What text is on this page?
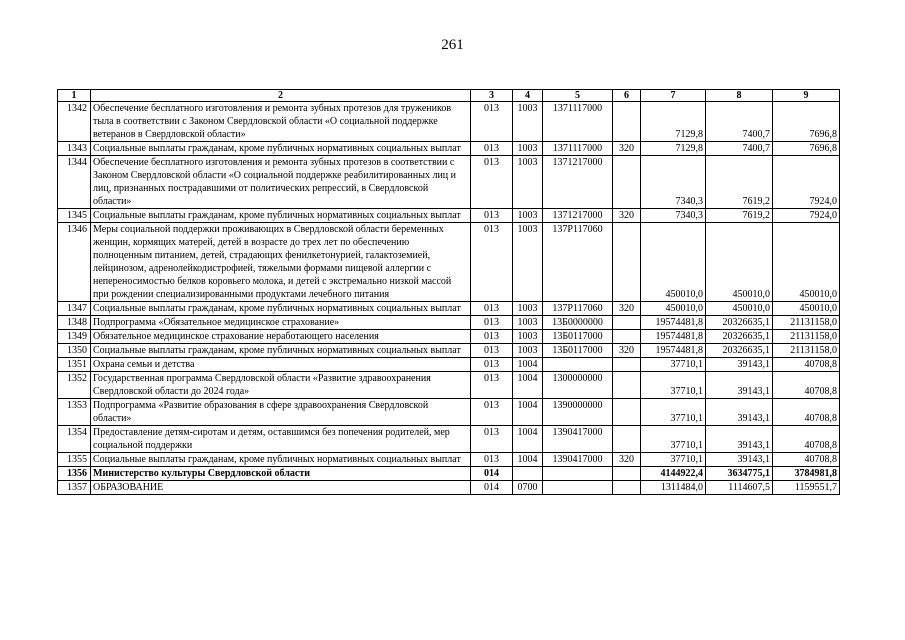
261
1	2	3	4	5	6	7	8	9
1342	Обеспечение бесплатного изготовления и ремонта зубных протезов для тружеников тыла в соответствии с Законом Свердловской области «О социальной поддержке ветеранов в Свердловской области»	013	1003	1371117000		7129,8	7400,7	7696,8
1343	Социальные выплаты гражданам, кроме публичных нормативных социальных выплат	013	1003	1371117000	320	7129,8	7400,7	7696,8
1344	Обеспечение бесплатного изготовления и ремонта зубных протезов в соответствии с Законом Свердловской области «О социальной поддержке реабилитированных лиц и лиц, признанных пострадавшими от политических репрессий, в Свердловской области»	013	1003	1371217000		7340,3	7619,2	7924,0
1345	Социальные выплаты гражданам, кроме публичных нормативных социальных выплат	013	1003	1371217000	320	7340,3	7619,2	7924,0
1346	Меры социальной поддержки проживающих в Свердловской области беременных женщин, кормящих матерей, детей в возрасте до трех лет по обеспечению полноценным питанием, детей, страдающих фенилкетонурией, галактоземией, лейцинозом, адренолейкодистрофией, тяжелыми формами пищевой аллергии с непереносимостью белков коровьего молока, и детей с экстремально низкой массой при рождении специализированными продуктами лечебного питания	013	1003	137P117060		450010,0	450010,0	450010,0
1347	Социальные выплаты гражданам, кроме публичных нормативных социальных выплат	013	1003	137P117060	320	450010,0	450010,0	450010,0
1348	Подпрограмма «Обязательное медицинское страхование»	013	1003	13Б0000000		19574481,8	20326635,1	21131158,0
1349	Обязательное медицинское страхование неработающего населения	013	1003	13Б0117000		19574481,8	20326635,1	21131158,0
1350	Социальные выплаты гражданам, кроме публичных нормативных социальных выплат	013	1003	13Б0117000	320	19574481,8	20326635,1	21131158,0
1351	Охрана семьи и детства	013	1004			37710,1	39143,1	40708,8
1352	Государственная программа Свердловской области «Развитие здравоохранения Свердловской области до 2024 года»	013	1004	1300000000		37710,1	39143,1	40708,8
1353	Подпрограмма «Развитие образования в сфере здравоохранения Свердловской области»	013	1004	1390000000		37710,1	39143,1	40708,8
1354	Предоставление детям-сиротам и детям, оставшимся без попечения родителей, мер социальной поддержки	013	1004	1390417000		37710,1	39143,1	40708,8
1355	Социальные выплаты гражданам, кроме публичных нормативных социальных выплат	013	1004	1390417000	320	37710,1	39143,1	40708,8
1356	Министерство культуры Свердловской области	014				4144922,4	3634775,1	3784981,8
1357	ОБРАЗОВАНИЕ	014	0700			1311484,0	1114607,5	1159551,7
